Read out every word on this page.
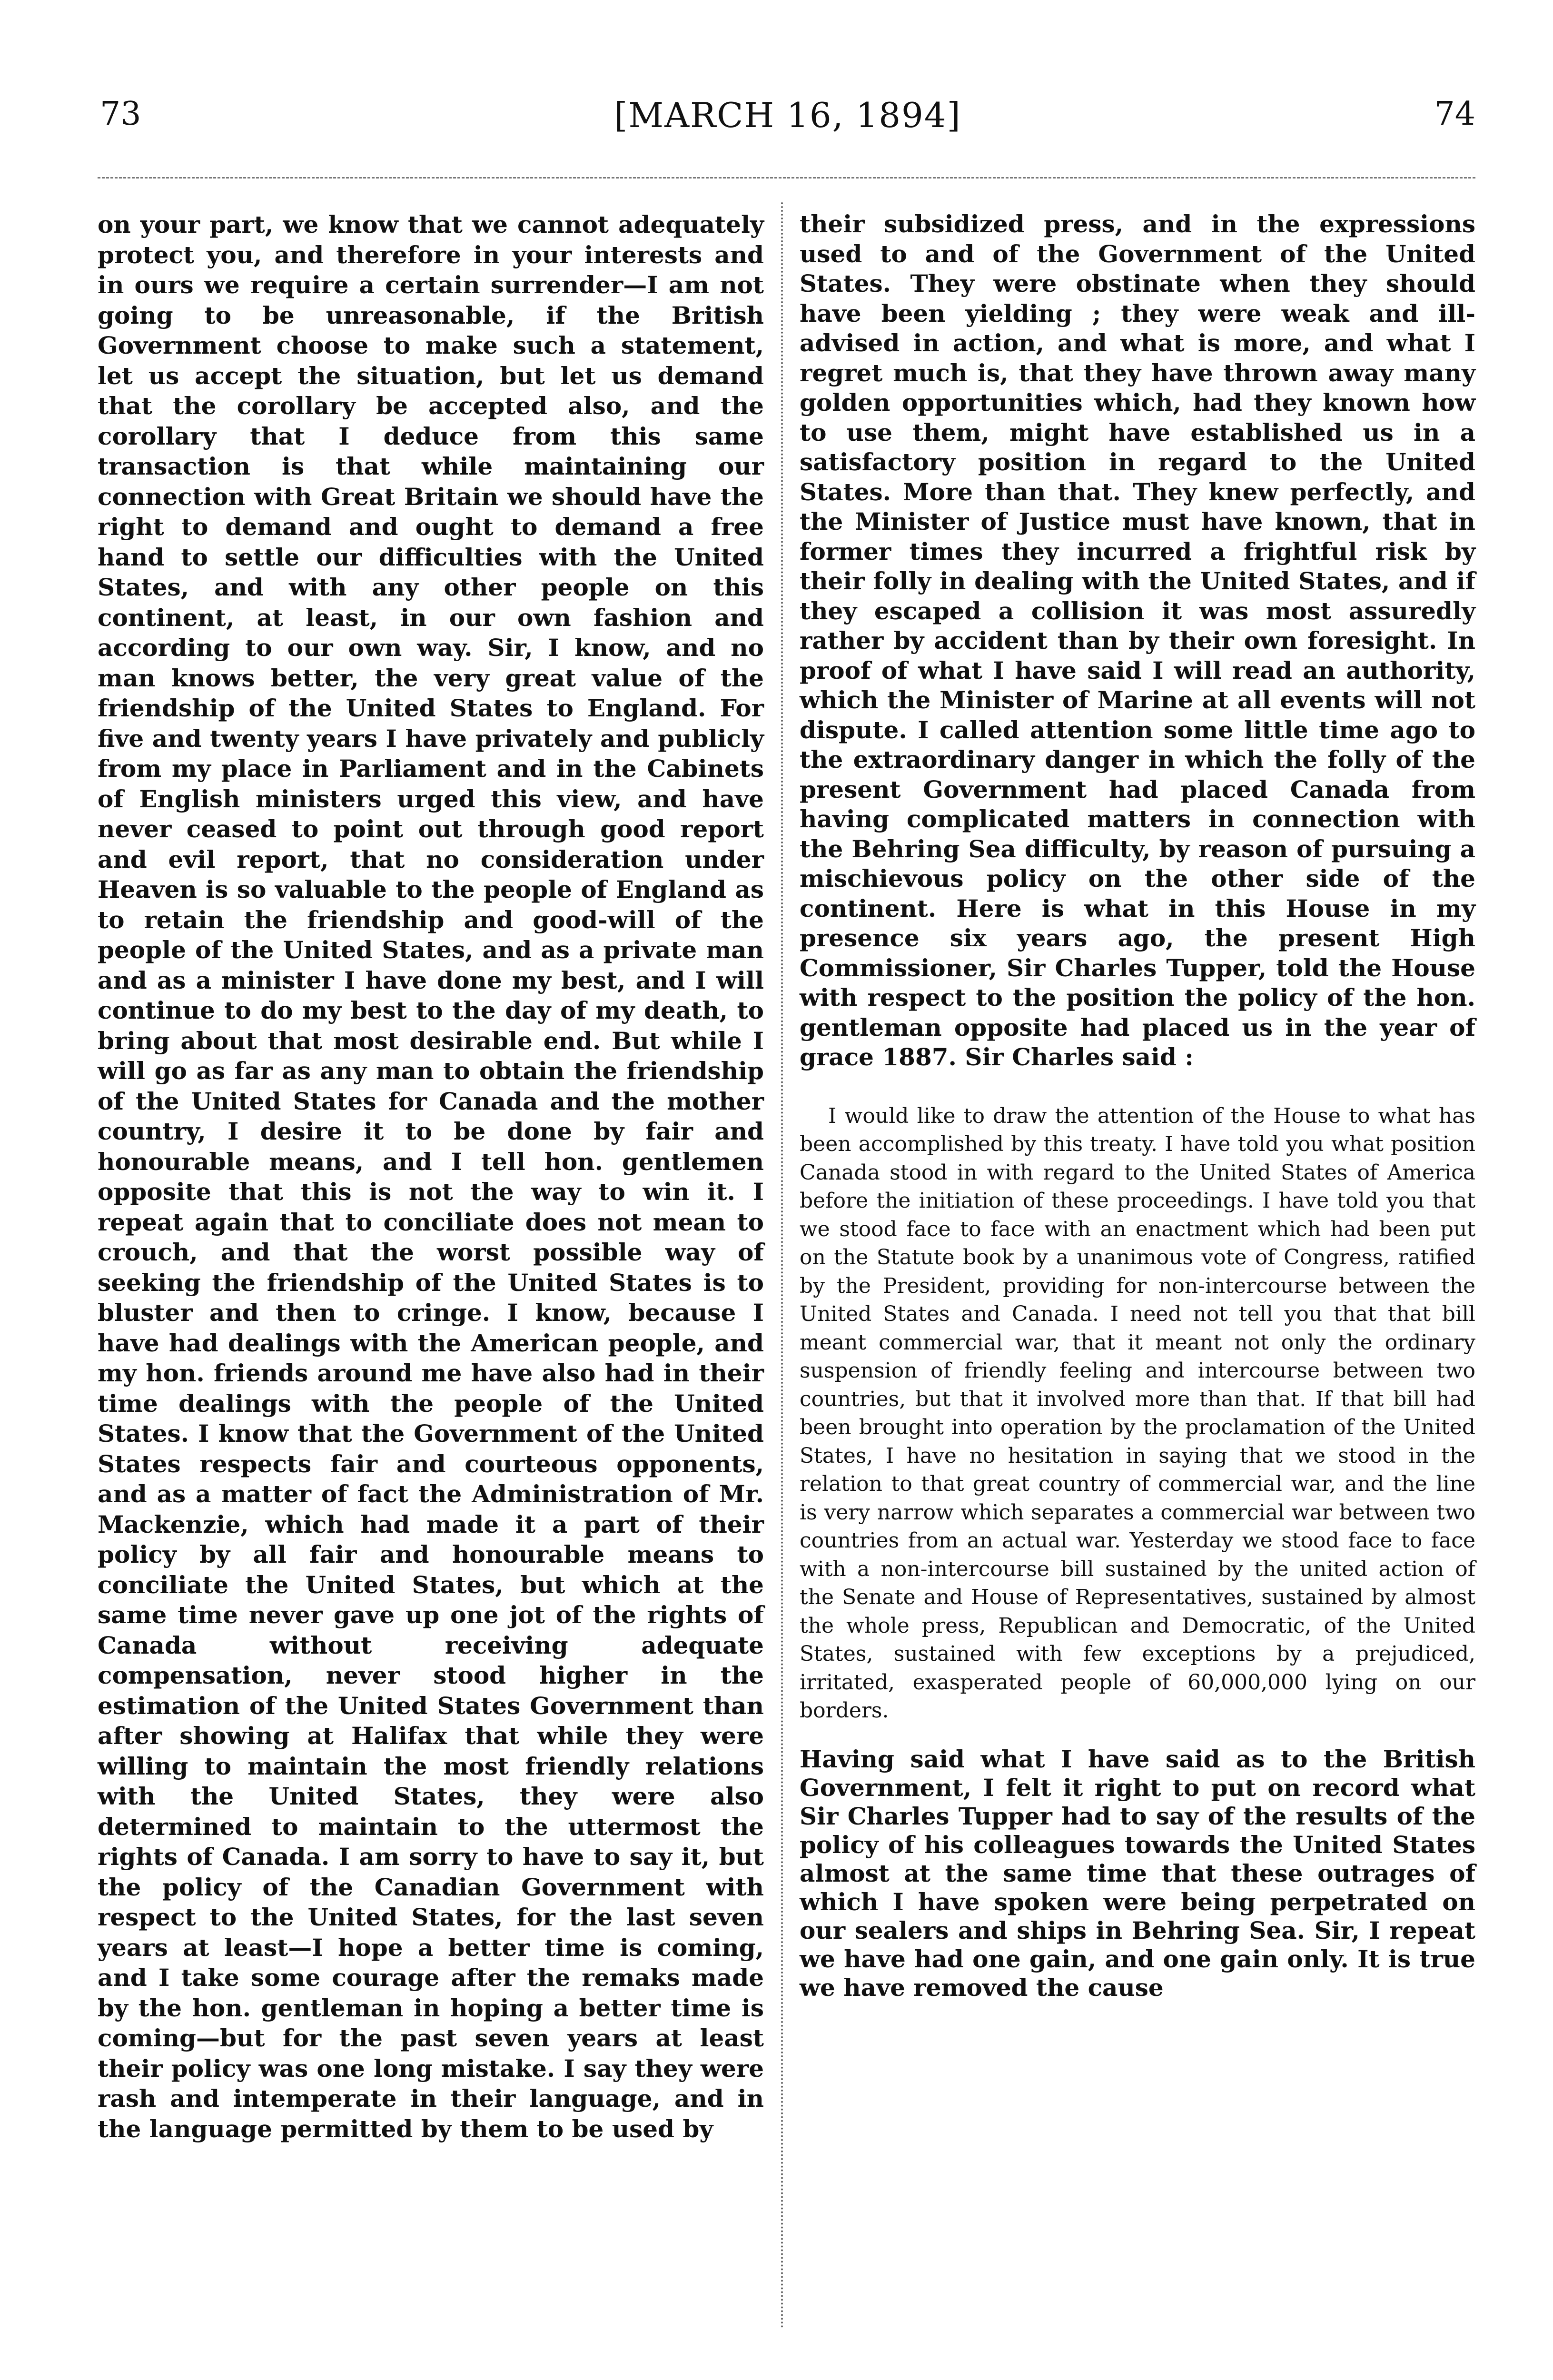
73	[MARCH 16, 1894]	74

on your part, we know that we cannot adequately protect you, and therefore in your interests and in ours we require a certain surrender—I am not going to be unreasonable, if the British Government choose to make such a statement, let us accept the situation, but let us demand that the corollary be accepted also, and the corollary that I deduce from this same transaction is that while maintaining our connection with Great Britain we should have the right to demand and ought to demand a free hand to settle our difficulties with the United States, and with any other people on this continent, at least, in our own fashion and according to our own way. Sir, I know, and no man knows better, the very great value of the friendship of the United States to England. For five and twenty years I have privately and publicly from my place in Parliament and in the Cabinets of English ministers urged this view, and have never ceased to point out through good report and evil report, that no consideration under Heaven is so valuable to the people of England as to retain the friendship and good-will of the people of the United States, and as a private man and as a minister I have done my best, and I will continue to do my best to the day of my death, to bring about that most desirable end. But while I will go as far as any man to obtain the friendship of the United States for Canada and the mother country, I desire it to be done by fair and honourable means, and I tell hon. gentlemen opposite that this is not the way to win it. I repeat again that to conciliate does not mean to crouch, and that the worst possible way of seeking the friendship of the United States is to bluster and then to cringe. I know, because I have had dealings with the American people, and my hon. friends around me have also had in their time dealings with the people of the United States. I know that the Government of the United States respects fair and courteous opponents, and as a matter of fact the Administration of Mr. Mackenzie, which had made it a part of their policy by all fair and honourable means to conciliate the United States, but which at the same time never gave up one jot of the rights of Canada without receiving adequate compensation, never stood higher in the estimation of the United States Government than after showing at Halifax that while they were willing to maintain the most friendly relations with the United States, they were also determined to maintain to the uttermost the rights of Canada. I am sorry to have to say it, but the policy of the Canadian Government with respect to the United States, for the last seven years at least—I hope a better time is coming, and I take some courage after the remaks made by the hon. gentleman in hoping a better time is coming—but for the past seven years at least their policy was one long mistake. I say they were rash and intemperate in their language, and in the language permitted by them to be used by

their subsidized press, and in the expressions used to and of the Government of the United States. They were obstinate when they should have been yielding ; they were weak and ill-advised in action, and what is more, and what I regret much is, that they have thrown away many golden opportunities which, had they known how to use them, might have established us in a satisfactory position in regard to the United States. More than that. They knew perfectly, and the Minister of Justice must have known, that in former times they incurred a frightful risk by their folly in dealing with the United States, and if they escaped a collision it was most assuredly rather by accident than by their own foresight. In proof of what I have said I will read an authority, which the Minister of Marine at all events will not dispute. I called attention some little time ago to the extraordinary danger in which the folly of the present Government had placed Canada from having complicated matters in connection with the Behring Sea difficulty, by reason of pursuing a mischievous policy on the other side of the continent. Here is what in this House in my presence six years ago, the present High Commissioner, Sir Charles Tupper, told the House with respect to the position the policy of the hon. gentleman opposite had placed us in the year of grace 1887. Sir Charles said :

I would like to draw the attention of the House to what has been accomplished by this treaty. I have told you what position Canada stood in with regard to the United States of America before the initiation of these proceedings. I have told you that we stood face to face with an enactment which had been put on the Statute book by a unanimous vote of Congress, ratified by the President, providing for non-intercourse between the United States and Canada. I need not tell you that that bill meant commercial war, that it meant not only the ordinary suspension of friendly feeling and intercourse between two countries, but that it involved more than that. If that bill had been brought into operation by the proclamation of the United States, I have no hesitation in saying that we stood in the relation to that great country of commercial war, and the line is very narrow which separates a commercial war between two countries from an actual war. Yesterday we stood face to face with a non-intercourse bill sustained by the united action of the Senate and House of Representatives, sustained by almost the whole press, Republican and Democratic, of the United States, sustained with few exceptions by a prejudiced, irritated, exasperated people of 60,000,000 lying on our borders.

Having said what I have said as to the British Government, I felt it right to put on record what Sir Charles Tupper had to say of the results of the policy of his colleagues towards the United States almost at the same time that these outrages of which I have spoken were being perpetrated on our sealers and ships in Behring Sea. Sir, I repeat we have had one gain, and one gain only. It is true we have removed the cause
